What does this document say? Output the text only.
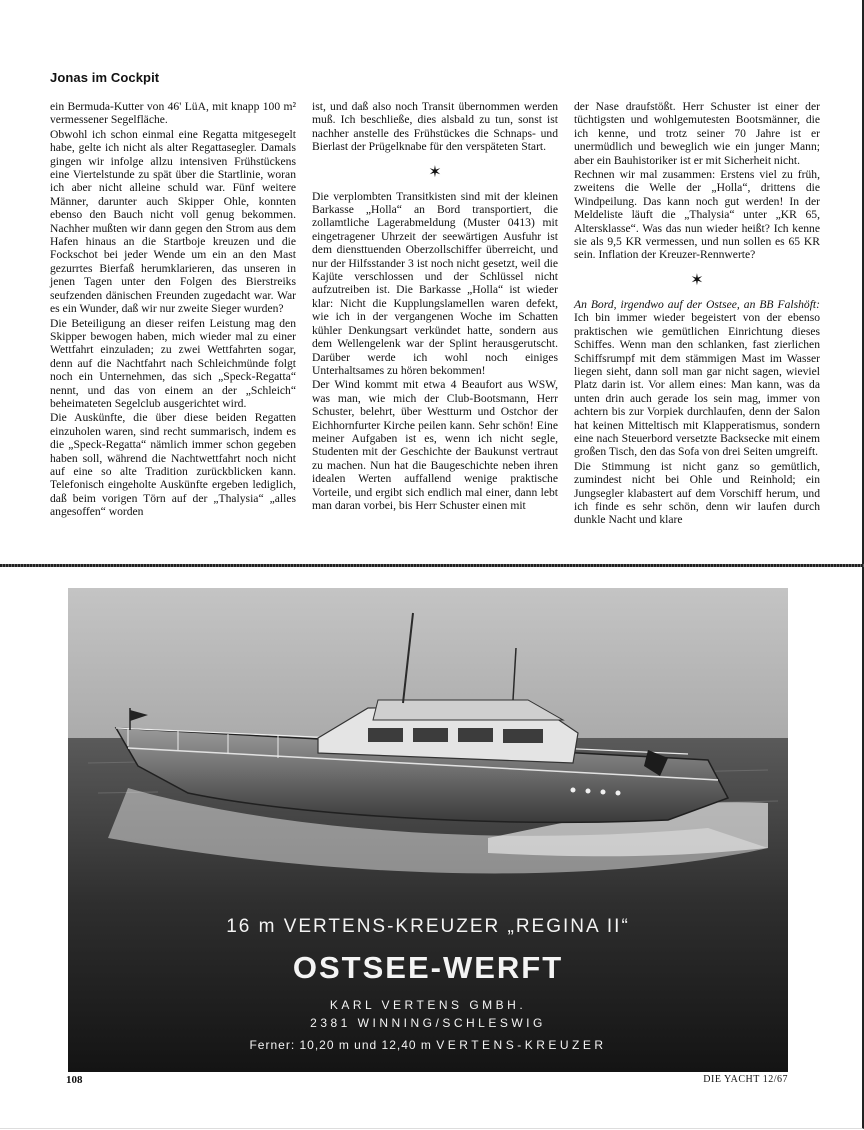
Jonas im Cockpit

ein Bermuda-Kutter von 46' LüA, mit knapp 100 m² vermessener Segelfläche.

Obwohl ich schon einmal eine Regatta mitgesegelt habe, gelte ich nicht als alter Regattasegler. Damals gingen wir infolge allzu intensiven Frühstückens eine Viertelstunde zu spät über die Startlinie, woran ich aber nicht alleine schuld war. Fünf weitere Männer, darunter auch Skipper Ohle, konnten ebenso den Bauch nicht voll genug bekommen. Nachher mußten wir dann gegen den Strom aus dem Hafen hinaus an die Startboje kreuzen und die Fockschot bei jeder Wende um ein an den Mast gezurrtes Bierfaß herumklarieren, das unseren in jenen Tagen unter den Folgen des Bierstreiks seufzenden dänischen Freunden zugedacht war. War es ein Wunder, daß wir nur zweite Sieger wurden?

Die Beteiligung an dieser reifen Leistung mag den Skipper bewogen haben, mich wieder mal zu einer Wettfahrt einzuladen; zu zwei Wettfahrten sogar, denn auf die Nachtfahrt nach Schleichmünde folgt noch ein Unternehmen, das sich „Speck-Regatta“ nennt, und das von einem an der „Schleich“ beheimateten Segelclub ausgerichtet wird.

Die Auskünfte, die über diese beiden Regatten einzuholen waren, sind recht summarisch, indem es die „Speck-Regatta“ nämlich immer schon gegeben haben soll, während die Nachtwettfahrt noch nicht auf eine so alte Tradition zurückblicken kann. Telefonisch eingeholte Auskünfte ergeben lediglich, daß beim vorigen Törn auf der „Thalysia“ „alles angesoffen“ worden

ist, und daß also noch Transit übernommen werden muß. Ich beschließe, dies alsbald zu tun, sonst ist nachher anstelle des Frühstückes die Schnaps- und Bierlast der Prügelknabe für den verspäteten Start.

✶

Die verplombten Transitkisten sind mit der kleinen Barkasse „Holla“ an Bord transportiert, die zollamtliche Lagerabmeldung (Muster 0413) mit eingetragener Uhrzeit der seewärtigen Ausfuhr ist dem diensttuenden Oberzollschiffer überreicht, und nur der Hilfsstander 3 ist noch nicht gesetzt, weil die Kajüte verschlossen und der Schlüssel nicht aufzutreiben ist. Die Barkasse „Holla“ ist wieder klar: Nicht die Kupplungslamellen waren defekt, wie ich in der vergangenen Woche im Schatten kühler Denkungsart verkündet hatte, sondern aus dem Wellengelenk war der Splint herausgerutscht. Darüber werde ich wohl noch einiges Unterhaltsames zu hören bekommen!

Der Wind kommt mit etwa 4 Beaufort aus WSW, was man, wie mich der Club-Bootsmann, Herr Schuster, belehrt, über Westturm und Ostchor der Eichhornfurter Kirche peilen kann. Sehr schön! Eine meiner Aufgaben ist es, wenn ich nicht segle, Studenten mit der Geschichte der Baukunst vertraut zu machen. Nun hat die Baugeschichte neben ihren idealen Werten auffallend wenige praktische Vorteile, und ergibt sich endlich mal einer, dann lebt man daran vorbei, bis Herr Schuster einen mit

der Nase draufstößt. Herr Schuster ist einer der tüchtigsten und wohlgemutesten Bootsmänner, die ich kenne, und trotz seiner 70 Jahre ist er unermüdlich und beweglich wie ein junger Mann; aber ein Bauhistoriker ist er mit Sicherheit nicht.

Rechnen wir mal zusammen: Erstens viel zu früh, zweitens die Welle der „Holla“, drittens die Windpeilung. Das kann noch gut werden! In der Meldeliste läuft die „Thalysia“ unter „KR 65, Altersklasse“. Was das nun wieder heißt? Ich kenne sie als 9,5 KR vermessen, und nun sollen es 65 KR sein. Inflation der Kreuzer-Rennwerte?

✶

An Bord, irgendwo auf der Ostsee, an BB Falshöft: Ich bin immer wieder begeistert von der ebenso praktischen wie gemütlichen Einrichtung dieses Schiffes. Wenn man den schlanken, fast zierlichen Schiffsrumpf mit dem stämmigen Mast im Wasser liegen sieht, dann soll man gar nicht sagen, wieviel Platz darin ist. Vor allem eines: Man kann, was da unten drin auch gerade los sein mag, immer von achtern bis zur Vorpiek durchlaufen, denn der Salon hat keinen Mitteltisch mit Klapperatismus, sondern eine nach Steuerbord versetzte Backsecke mit einem großen Tisch, den das Sofa von drei Seiten umgreift.

Die Stimmung ist nicht ganz so gemütlich, zumindest nicht bei Ohle und Reinhold; ein Jungsegler klabastert auf dem Vorschiff herum, und ich finde es sehr schön, denn wir laufen durch dunkle Nacht und klare

16 m VERTENS-KREUZER „REGINA II“
OSTSEE-WERFT
KARL VERTENS GMBH.
2381 WINNING/SCHLESWIG
Ferner: 10,20 m und 12,40 m VERTENS-KREUZER
108	DIE YACHT 12/67
